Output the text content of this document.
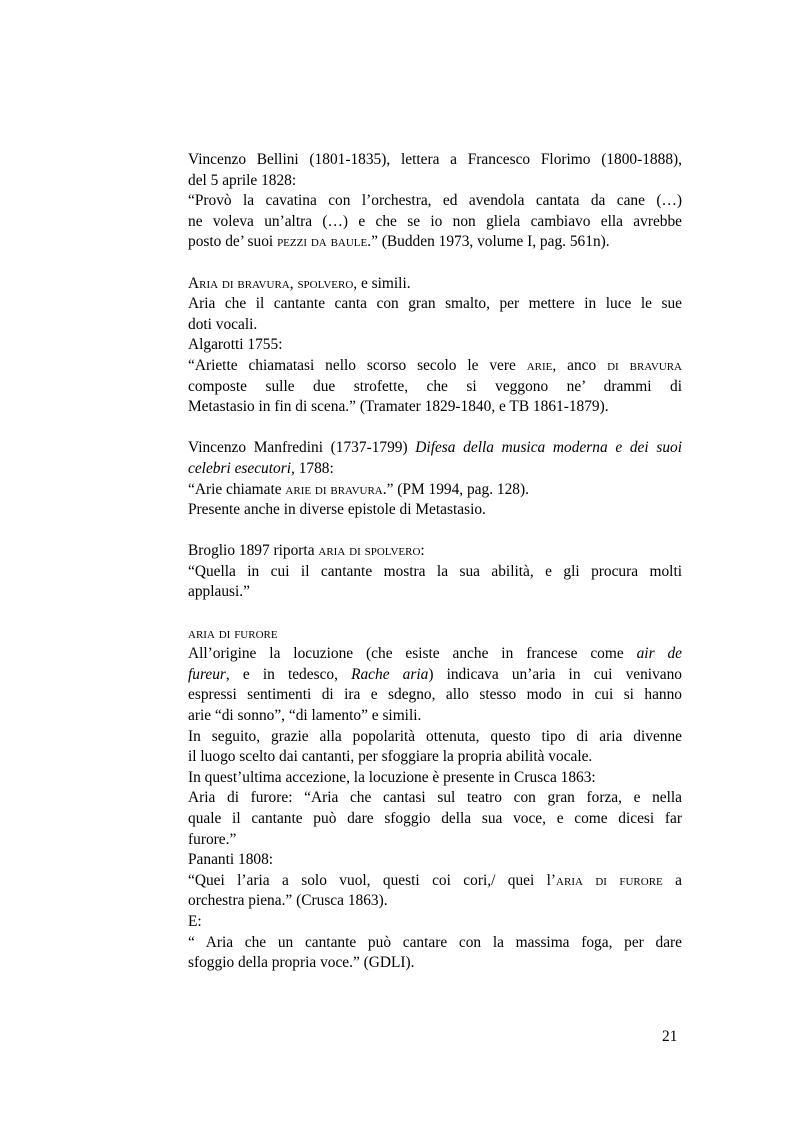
Vincenzo Bellini (1801-1835), lettera a Francesco Florimo (1800-1888),
del 5 aprile 1828:
“Provò la cavatina con l’orchestra, ed avendola cantata da cane (…)
ne voleva un’altra (…) e che se io non gliela cambiavo ella avrebbe
posto de’ suoi pezzi da baule.” (Budden 1973, volume I, pag. 561n).
Aria di bravura, spolvero, e simili.
Aria che il cantante canta con gran smalto, per mettere in luce le sue
doti vocali.
Algarotti 1755:
“Ariette chiamatasi nello scorso secolo le vere arie, anco di bravura
composte sulle due strofette, che si veggono ne’ drammi di
Metastasio in fin di scena.” (Tramater 1829-1840, e TB 1861-1879).
Vincenzo Manfredini (1737-1799) Difesa della musica moderna e dei suoi
celebri esecutori, 1788:
“Arie chiamate arie di bravura.” (PM 1994, pag. 128).
Presente anche in diverse epistole di Metastasio.
Broglio 1897 riporta aria di spolvero:
“Quella in cui il cantante mostra la sua abilità, e gli procura molti
applausi.”
aria di furore
All’origine la locuzione (che esiste anche in francese come air de
fureur, e in tedesco, Rache aria) indicava un’aria in cui venivano
espressi sentimenti di ira e sdegno, allo stesso modo in cui si hanno
arie “di sonno”, “di lamento” e simili.
In seguito, grazie alla popolarità ottenuta, questo tipo di aria divenne
il luogo scelto dai cantanti, per sfoggiare la propria abilità vocale.
In quest’ultima accezione, la locuzione è presente in Crusca 1863:
Aria di furore: “Aria che cantasi sul teatro con gran forza, e nella
quale il cantante può dare sfoggio della sua voce, e come dicesi far
furore.”
Pananti 1808:
“Quei l’aria a solo vuol, questi coi cori,/ quei l’aria di furore a
orchestra piena.” (Crusca 1863).
E:
“ Aria che un cantante può cantare con la massima foga, per dare
sfoggio della propria voce.” (GDLI).
21
